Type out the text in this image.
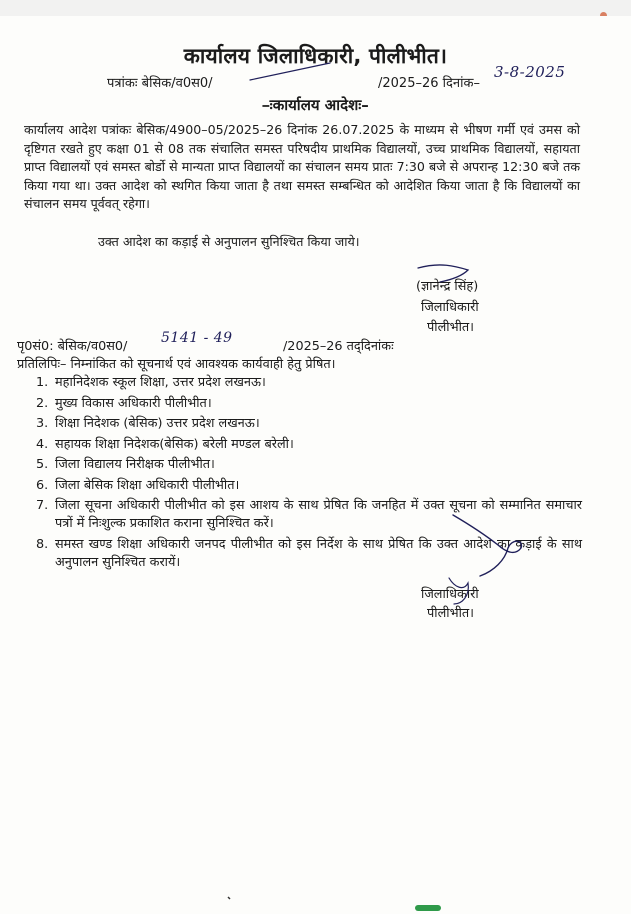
कार्यालय जिलाधिकारी, पीलीभीत।
पत्रांकः बेसिक/व0स0/	/2025–26 दिनांक–
3-8-2025
–ःकार्यालय आदेशः–
कार्यालय आदेश पत्रांकः बेसिक/4900–05/2025–26 दिनांक 26.07.2025 के माध्यम से भीषण गर्मी एवं उमस को दृष्टिगत रखते हुए कक्षा 01 से 08 तक संचालित समस्त परिषदीय प्राथमिक विद्यालयों, उच्च प्राथमिक विद्यालयों, सहायता प्राप्त विद्यालयों एवं समस्त बोर्डो से मान्यता प्राप्त विद्यालयों का संचालन समय प्रातः 7:30 बजे से अपरान्ह 12:30 बजे तक किया गया था। उक्त आदेश को स्थगित किया जाता है तथा समस्त सम्बन्धित को आदेशित किया जाता है कि विद्यालयों का संचालन समय पूर्ववत् रहेगा।
उक्त आदेश का कड़ाई से अनुपालन सुनिश्चित किया जाये।
(ज्ञानेन्द्र सिंह)
जिलाधिकारी
पीलीभीत।
पृ0सं0: बेसिक/व0स0/
5141 - 49
/2025–26 तद्‌दिनांकः
प्रतिलिपिः– निम्नांकित को सूचनार्थ एवं आवश्यक कार्यवाही हेतु प्रेषित।
1. महानिदेशक स्कूल शिक्षा, उत्तर प्रदेश लखनऊ।
2. मुख्य विकास अधिकारी पीलीभीत।
3. शिक्षा निदेशक (बेसिक) उत्तर प्रदेश लखनऊ।
4. सहायक शिक्षा निदेशक(बेसिक) बरेली मण्डल बरेली।
5. जिला विद्यालय निरीक्षक पीलीभीत।
6. जिला बेसिक शिक्षा अधिकारी पीलीभीत।
7. जिला सूचना अधिकारी पीलीभीत को इस आशय के साथ प्रेषित कि जनहित में उक्त सूचना को सम्मानित समाचार पत्रों में निःशुल्क प्रकाशित कराना सुनिश्चित करें।
8. समस्त खण्ड शिक्षा अधिकारी जनपद पीलीभीत को इस निर्देश के साथ प्रेषित कि उक्त आदेश का कड़ाई के साथ अनुपालन सुनिश्चित करायें।
जिलाधिकारी
पीलीभीत।
